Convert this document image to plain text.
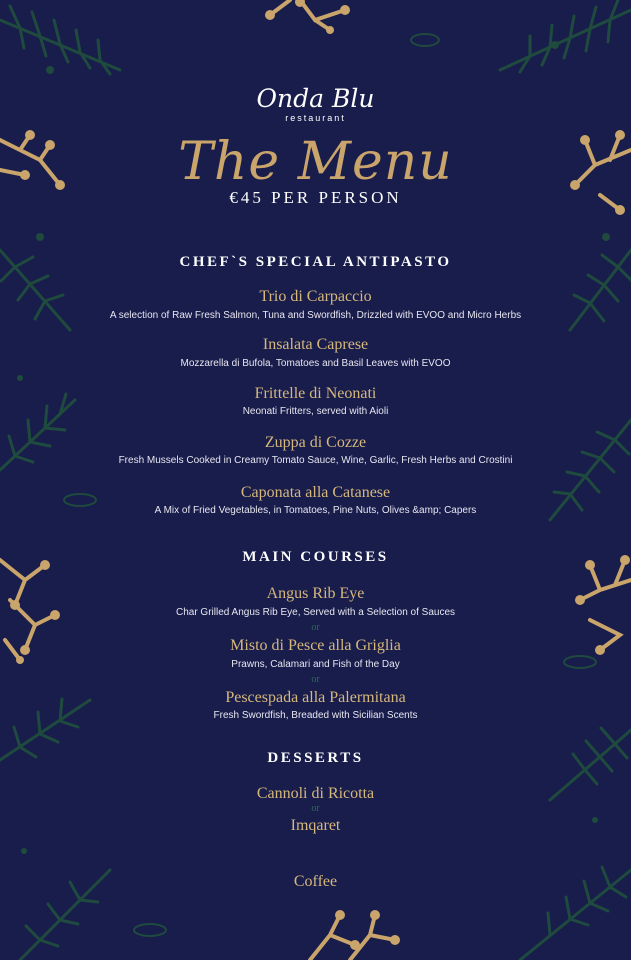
Onda Blu
restaurant
The Menu
€45 PER PERSON
CHEF`S SPECIAL ANTIPASTO
Trio di Carpaccio
A selection of Raw Fresh Salmon, Tuna and Swordfish, Drizzled with EVOO and Micro Herbs
Insalata Caprese
Mozzarella di Bufola, Tomatoes and Basil Leaves with EVOO
Frittelle di Neonati
Neonati Fritters, served with Aioli
Zuppa di Cozze
Fresh Mussels Cooked in Creamy Tomato Sauce, Wine, Garlic, Fresh Herbs and Crostini
Caponata alla Catanese
A Mix of Fried Vegetables, in Tomatoes, Pine Nuts, Olives &amp; Capers
MAIN COURSES
Angus Rib Eye
Char Grilled Angus Rib Eye, Served with a Selection of Sauces
or
Misto di Pesce alla Griglia
Prawns, Calamari and Fish of the Day
or
Pescespada alla Palermitana
Fresh Swordfish, Breaded with Sicilian Scents
DESSERTS
Cannoli di Ricotta
or
Imqaret
Coffee
